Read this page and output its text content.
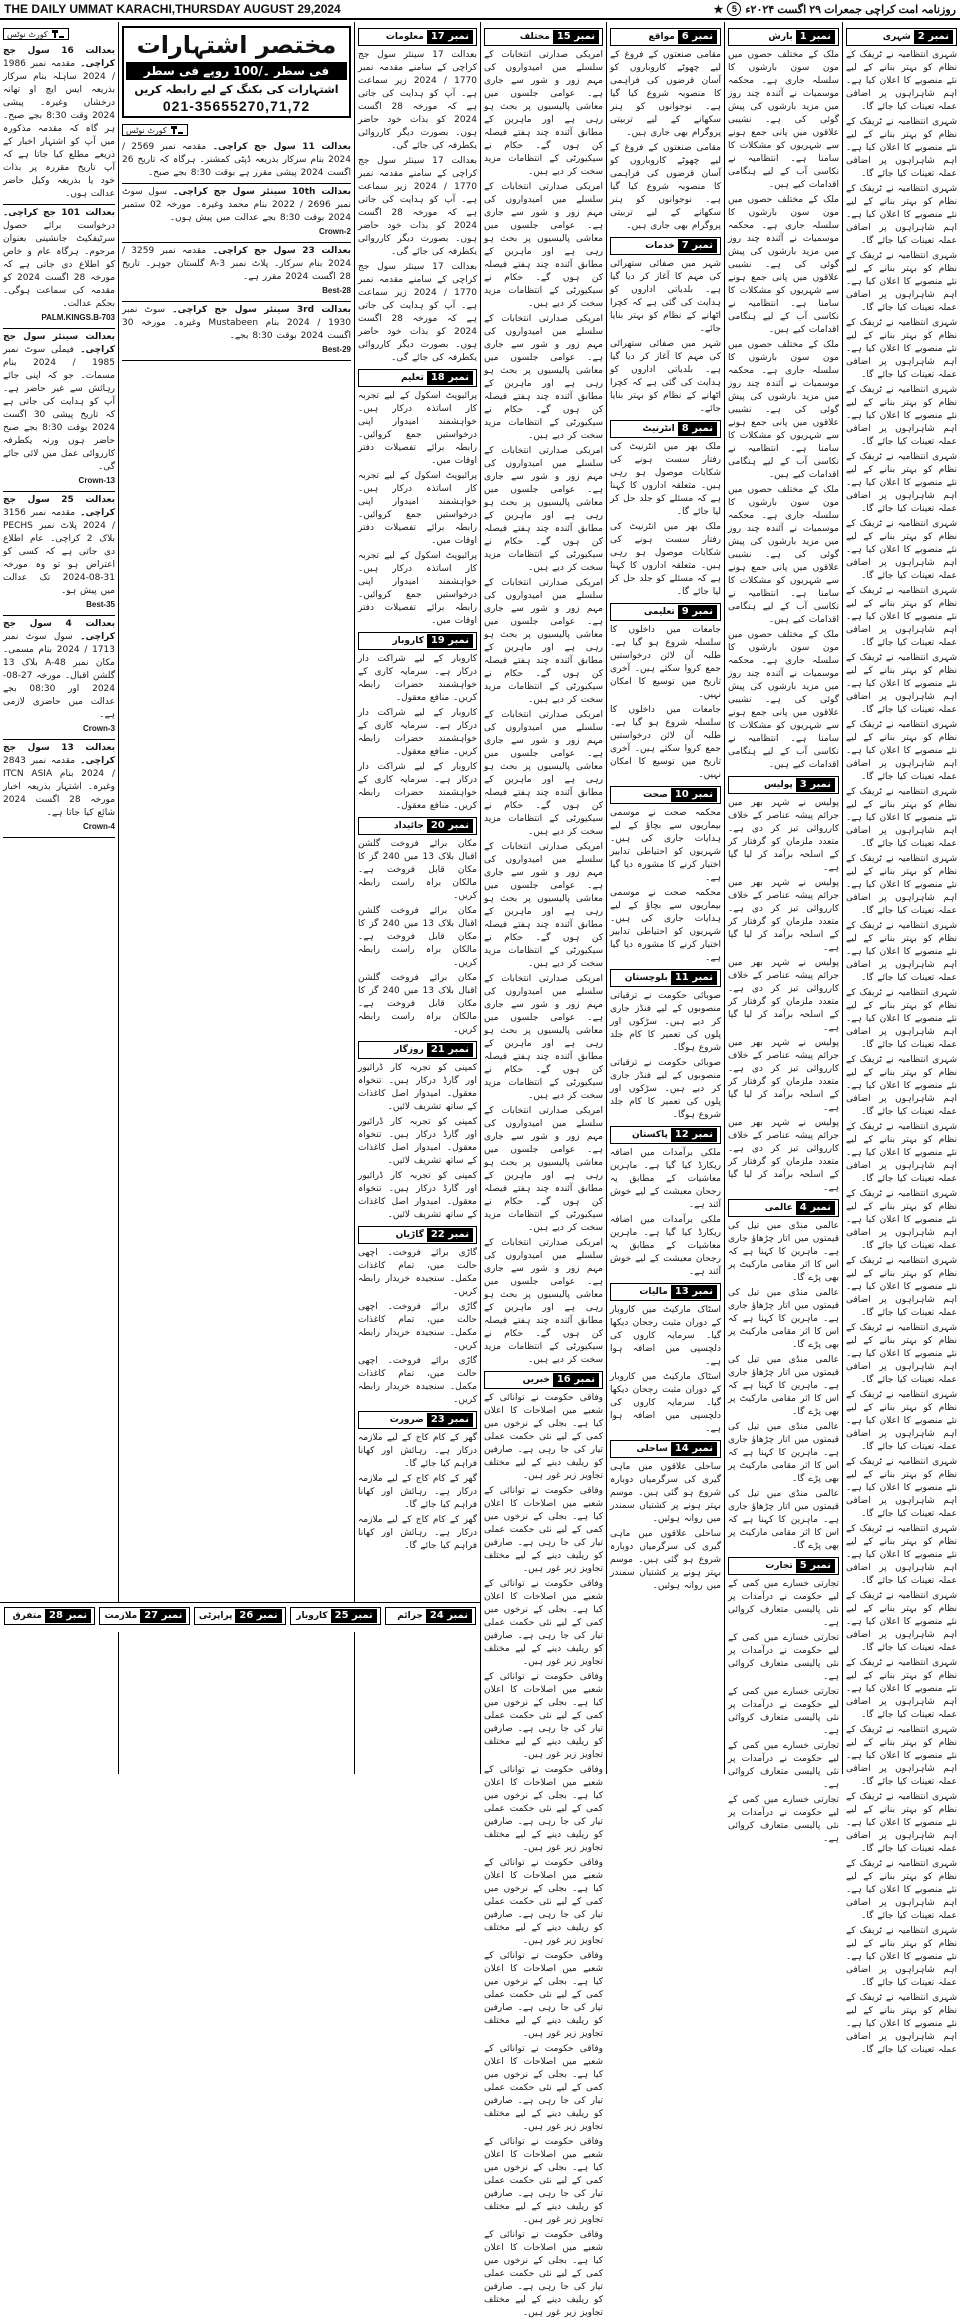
THE DAILY UMMAT KARACHI,THURSDAY AUGUST 29,2024	روزنامہ امت کراچی جمعرات ۲۹ اگست ۲۰۲۴ء
5
★
کورٹ نوٹس
بعدالت 16 سول جج کراچی۔ مقدمہ نمبر 1986 / 2024 ساہلہ بنام سرکار بذریعہ ایس ایچ او تھانہ درخشاں وغیرہ۔ پیشی 2024 وقت 8:30 بجے صبح۔ ہر گاہ کہ مقدمہ مذکورہ میں آپ کو اشتہار اخبار کے ذریعے مطلع کیا جاتا ہے کہ آپ تاریخ مقررہ پر بذات خود یا بذریعہ وکیل حاضر عدالت ہوں۔
بعدالت 101 جج کراچی۔ درخواست برائے حصول سرٹیفکیٹ جانشینی بعنوان مرحوم۔ ہرگاہ عام و خاص کو اطلاع دی جاتی ہے کہ مورخہ 28 اگست 2024 کو مقدمہ کی سماعت ہوگی۔ بحکم عدالت۔
PALM.KINGS.B-703
بعدالت سینئر سول جج کراچی۔ فیملی سوٹ نمبر 1985 / 2024 بنام مسمات۔ جو کہ اپنی جائے رہائش سے غیر حاضر ہے۔ آپ کو ہدایت کی جاتی ہے کہ تاریخ پیشی 30 اگست 2024 بوقت 8:30 بجے صبح حاضر ہوں ورنہ یکطرفہ کارروائی عمل میں لائی جائے گی۔
Crown-13
بعدالت 25 سول جج کراچی۔ مقدمہ نمبر 3156 / 2024 پلاٹ نمبر PECHS بلاک 2 کراچی۔ عام اطلاع دی جاتی ہے کہ کسی کو اعتراض ہو تو وہ مورخہ 31-08-2024 تک عدالت میں پیش ہو۔
Best-35
بعدالت 4 سول جج کراچی۔ سول سوٹ نمبر 1713 / 2024 بنام مسمی۔ مکان نمبر A-48 بلاک 13 گلشن اقبال۔ مورخہ 27-08-2024 اور 08:30 بجے عدالت میں حاضری لازمی ہے۔
Crown-3
بعدالت 13 سول جج کراچی۔ مقدمہ نمبر 2843 / 2024 بنام ITCN ASIA وغیرہ۔ اشتہار بذریعہ اخبار مورخہ 28 اگست 2024 شائع کیا جاتا ہے۔
Crown-4
مختصر اشتہارات
فی سطر ۔/100 روپے فی سطر
اشتہارات کی بکنگ کے لیے رابطہ کریں
021-35655270,71,72
کورٹ نوٹس
بعدالت 11 سول جج کراچی۔ مقدمہ نمبر 2569 / 2024 بنام سرکار بذریعہ ڈپٹی کمشنر۔ ہرگاہ کہ تاریخ 26 اگست 2024 پیشی مقرر ہے بوقت 8:30 بجے صبح۔
بعدالت 10th سینئر سول جج کراچی۔ سول سوٹ نمبر 2696 / 2022 بنام محمد وغیرہ۔ مورخہ 02 ستمبر 2024 بوقت 8:30 بجے عدالت میں پیش ہوں۔
Crown-2
بعدالت 23 سول جج کراچی۔ مقدمہ نمبر 3259 / 2024 بنام سرکار۔ پلاٹ نمبر A-3 گلستان جوہر۔ تاریخ 28 اگست 2024 مقرر ہے۔
Best-28
بعدالت 3rd سینئر سول جج کراچی۔ سوٹ نمبر 1930 / 2024 بنام Mustabeen وغیرہ۔ مورخہ 30 اگست 2024 بوقت 8:30 بجے۔
Best-29
نمبر 17
معلومات

بعدالت 17 سینئر سول جج کراچی کے سامنے مقدمہ نمبر 1770 / 2024 زیر سماعت ہے۔ آپ کو ہدایت کی جاتی ہے کہ مورخہ 28 اگست 2024 کو بذات خود حاضر ہوں۔ بصورت دیگر کارروائی یکطرفہ کی جائے گی۔

بعدالت 17 سینئر سول جج کراچی کے سامنے مقدمہ نمبر 1770 / 2024 زیر سماعت ہے۔ آپ کو ہدایت کی جاتی ہے کہ مورخہ 28 اگست 2024 کو بذات خود حاضر ہوں۔ بصورت دیگر کارروائی یکطرفہ کی جائے گی۔

بعدالت 17 سینئر سول جج کراچی کے سامنے مقدمہ نمبر 1770 / 2024 زیر سماعت ہے۔ آپ کو ہدایت کی جاتی ہے کہ مورخہ 28 اگست 2024 کو بذات خود حاضر ہوں۔ بصورت دیگر کارروائی یکطرفہ کی جائے گی۔

نمبر 18
تعلیم

پرائیویٹ اسکول کے لیے تجربہ کار اساتذہ درکار ہیں۔ خواہشمند امیدوار اپنی درخواستیں جمع کروائیں۔ رابطہ برائے تفصیلات دفتر اوقات میں۔

پرائیویٹ اسکول کے لیے تجربہ کار اساتذہ درکار ہیں۔ خواہشمند امیدوار اپنی درخواستیں جمع کروائیں۔ رابطہ برائے تفصیلات دفتر اوقات میں۔

پرائیویٹ اسکول کے لیے تجربہ کار اساتذہ درکار ہیں۔ خواہشمند امیدوار اپنی درخواستیں جمع کروائیں۔ رابطہ برائے تفصیلات دفتر اوقات میں۔

نمبر 19
کاروبار

کاروبار کے لیے شراکت دار درکار ہے۔ سرمایہ کاری کے خواہشمند حضرات رابطہ کریں۔ منافع معقول۔

کاروبار کے لیے شراکت دار درکار ہے۔ سرمایہ کاری کے خواہشمند حضرات رابطہ کریں۔ منافع معقول۔

کاروبار کے لیے شراکت دار درکار ہے۔ سرمایہ کاری کے خواہشمند حضرات رابطہ کریں۔ منافع معقول۔

نمبر 20
جائیداد

مکان برائے فروخت گلشن اقبال بلاک 13 میں 240 گز کا مکان قابل فروخت ہے۔ مالکان براہ راست رابطہ کریں۔

مکان برائے فروخت گلشن اقبال بلاک 13 میں 240 گز کا مکان قابل فروخت ہے۔ مالکان براہ راست رابطہ کریں۔

مکان برائے فروخت گلشن اقبال بلاک 13 میں 240 گز کا مکان قابل فروخت ہے۔ مالکان براہ راست رابطہ کریں۔

نمبر 21
روزگار

کمپنی کو تجربہ کار ڈرائیور اور گارڈ درکار ہیں۔ تنخواہ معقول۔ امیدوار اصل کاغذات کے ساتھ تشریف لائیں۔

کمپنی کو تجربہ کار ڈرائیور اور گارڈ درکار ہیں۔ تنخواہ معقول۔ امیدوار اصل کاغذات کے ساتھ تشریف لائیں۔

کمپنی کو تجربہ کار ڈرائیور اور گارڈ درکار ہیں۔ تنخواہ معقول۔ امیدوار اصل کاغذات کے ساتھ تشریف لائیں۔

نمبر 22
گاڑیاں

گاڑی برائے فروخت۔ اچھی حالت میں، تمام کاغذات مکمل۔ سنجیدہ خریدار رابطہ کریں۔

گاڑی برائے فروخت۔ اچھی حالت میں، تمام کاغذات مکمل۔ سنجیدہ خریدار رابطہ کریں۔

گاڑی برائے فروخت۔ اچھی حالت میں، تمام کاغذات مکمل۔ سنجیدہ خریدار رابطہ کریں۔

نمبر 23
ضرورت

گھر کے کام کاج کے لیے ملازمہ درکار ہے۔ رہائش اور کھانا فراہم کیا جائے گا۔

گھر کے کام کاج کے لیے ملازمہ درکار ہے۔ رہائش اور کھانا فراہم کیا جائے گا۔

گھر کے کام کاج کے لیے ملازمہ درکار ہے۔ رہائش اور کھانا فراہم کیا جائے گا۔

نمبر 15
مختلف

امریکی صدارتی انتخابات کے سلسلے میں امیدواروں کی مہم زور و شور سے جاری ہے۔ عوامی جلسوں میں معاشی پالیسیوں پر بحث ہو رہی ہے اور ماہرین کے مطابق آئندہ چند ہفتے فیصلہ کن ہوں گے۔ حکام نے سیکیورٹی کے انتظامات مزید سخت کر دیے ہیں۔

امریکی صدارتی انتخابات کے سلسلے میں امیدواروں کی مہم زور و شور سے جاری ہے۔ عوامی جلسوں میں معاشی پالیسیوں پر بحث ہو رہی ہے اور ماہرین کے مطابق آئندہ چند ہفتے فیصلہ کن ہوں گے۔ حکام نے سیکیورٹی کے انتظامات مزید سخت کر دیے ہیں۔

امریکی صدارتی انتخابات کے سلسلے میں امیدواروں کی مہم زور و شور سے جاری ہے۔ عوامی جلسوں میں معاشی پالیسیوں پر بحث ہو رہی ہے اور ماہرین کے مطابق آئندہ چند ہفتے فیصلہ کن ہوں گے۔ حکام نے سیکیورٹی کے انتظامات مزید سخت کر دیے ہیں۔

امریکی صدارتی انتخابات کے سلسلے میں امیدواروں کی مہم زور و شور سے جاری ہے۔ عوامی جلسوں میں معاشی پالیسیوں پر بحث ہو رہی ہے اور ماہرین کے مطابق آئندہ چند ہفتے فیصلہ کن ہوں گے۔ حکام نے سیکیورٹی کے انتظامات مزید سخت کر دیے ہیں۔

امریکی صدارتی انتخابات کے سلسلے میں امیدواروں کی مہم زور و شور سے جاری ہے۔ عوامی جلسوں میں معاشی پالیسیوں پر بحث ہو رہی ہے اور ماہرین کے مطابق آئندہ چند ہفتے فیصلہ کن ہوں گے۔ حکام نے سیکیورٹی کے انتظامات مزید سخت کر دیے ہیں۔

امریکی صدارتی انتخابات کے سلسلے میں امیدواروں کی مہم زور و شور سے جاری ہے۔ عوامی جلسوں میں معاشی پالیسیوں پر بحث ہو رہی ہے اور ماہرین کے مطابق آئندہ چند ہفتے فیصلہ کن ہوں گے۔ حکام نے سیکیورٹی کے انتظامات مزید سخت کر دیے ہیں۔

امریکی صدارتی انتخابات کے سلسلے میں امیدواروں کی مہم زور و شور سے جاری ہے۔ عوامی جلسوں میں معاشی پالیسیوں پر بحث ہو رہی ہے اور ماہرین کے مطابق آئندہ چند ہفتے فیصلہ کن ہوں گے۔ حکام نے سیکیورٹی کے انتظامات مزید سخت کر دیے ہیں۔

امریکی صدارتی انتخابات کے سلسلے میں امیدواروں کی مہم زور و شور سے جاری ہے۔ عوامی جلسوں میں معاشی پالیسیوں پر بحث ہو رہی ہے اور ماہرین کے مطابق آئندہ چند ہفتے فیصلہ کن ہوں گے۔ حکام نے سیکیورٹی کے انتظامات مزید سخت کر دیے ہیں۔

امریکی صدارتی انتخابات کے سلسلے میں امیدواروں کی مہم زور و شور سے جاری ہے۔ عوامی جلسوں میں معاشی پالیسیوں پر بحث ہو رہی ہے اور ماہرین کے مطابق آئندہ چند ہفتے فیصلہ کن ہوں گے۔ حکام نے سیکیورٹی کے انتظامات مزید سخت کر دیے ہیں۔

امریکی صدارتی انتخابات کے سلسلے میں امیدواروں کی مہم زور و شور سے جاری ہے۔ عوامی جلسوں میں معاشی پالیسیوں پر بحث ہو رہی ہے اور ماہرین کے مطابق آئندہ چند ہفتے فیصلہ کن ہوں گے۔ حکام نے سیکیورٹی کے انتظامات مزید سخت کر دیے ہیں۔

نمبر 16
خبریں

وفاقی حکومت نے توانائی کے شعبے میں اصلاحات کا اعلان کیا ہے۔ بجلی کے نرخوں میں کمی کے لیے نئی حکمت عملی تیار کی جا رہی ہے۔ صارفین کو ریلیف دینے کے لیے مختلف تجاویز زیر غور ہیں۔

وفاقی حکومت نے توانائی کے شعبے میں اصلاحات کا اعلان کیا ہے۔ بجلی کے نرخوں میں کمی کے لیے نئی حکمت عملی تیار کی جا رہی ہے۔ صارفین کو ریلیف دینے کے لیے مختلف تجاویز زیر غور ہیں۔

وفاقی حکومت نے توانائی کے شعبے میں اصلاحات کا اعلان کیا ہے۔ بجلی کے نرخوں میں کمی کے لیے نئی حکمت عملی تیار کی جا رہی ہے۔ صارفین کو ریلیف دینے کے لیے مختلف تجاویز زیر غور ہیں۔

وفاقی حکومت نے توانائی کے شعبے میں اصلاحات کا اعلان کیا ہے۔ بجلی کے نرخوں میں کمی کے لیے نئی حکمت عملی تیار کی جا رہی ہے۔ صارفین کو ریلیف دینے کے لیے مختلف تجاویز زیر غور ہیں۔

وفاقی حکومت نے توانائی کے شعبے میں اصلاحات کا اعلان کیا ہے۔ بجلی کے نرخوں میں کمی کے لیے نئی حکمت عملی تیار کی جا رہی ہے۔ صارفین کو ریلیف دینے کے لیے مختلف تجاویز زیر غور ہیں۔

وفاقی حکومت نے توانائی کے شعبے میں اصلاحات کا اعلان کیا ہے۔ بجلی کے نرخوں میں کمی کے لیے نئی حکمت عملی تیار کی جا رہی ہے۔ صارفین کو ریلیف دینے کے لیے مختلف تجاویز زیر غور ہیں۔

وفاقی حکومت نے توانائی کے شعبے میں اصلاحات کا اعلان کیا ہے۔ بجلی کے نرخوں میں کمی کے لیے نئی حکمت عملی تیار کی جا رہی ہے۔ صارفین کو ریلیف دینے کے لیے مختلف تجاویز زیر غور ہیں۔

وفاقی حکومت نے توانائی کے شعبے میں اصلاحات کا اعلان کیا ہے۔ بجلی کے نرخوں میں کمی کے لیے نئی حکمت عملی تیار کی جا رہی ہے۔ صارفین کو ریلیف دینے کے لیے مختلف تجاویز زیر غور ہیں۔

وفاقی حکومت نے توانائی کے شعبے میں اصلاحات کا اعلان کیا ہے۔ بجلی کے نرخوں میں کمی کے لیے نئی حکمت عملی تیار کی جا رہی ہے۔ صارفین کو ریلیف دینے کے لیے مختلف تجاویز زیر غور ہیں۔

وفاقی حکومت نے توانائی کے شعبے میں اصلاحات کا اعلان کیا ہے۔ بجلی کے نرخوں میں کمی کے لیے نئی حکمت عملی تیار کی جا رہی ہے۔ صارفین کو ریلیف دینے کے لیے مختلف تجاویز زیر غور ہیں۔

نمبر 6
مواقع

مقامی صنعتوں کے فروغ کے لیے چھوٹے کاروباروں کو آسان قرضوں کی فراہمی کا منصوبہ شروع کیا گیا ہے۔ نوجوانوں کو ہنر سکھانے کے لیے تربیتی پروگرام بھی جاری ہیں۔

مقامی صنعتوں کے فروغ کے لیے چھوٹے کاروباروں کو آسان قرضوں کی فراہمی کا منصوبہ شروع کیا گیا ہے۔ نوجوانوں کو ہنر سکھانے کے لیے تربیتی پروگرام بھی جاری ہیں۔

نمبر 7
خدمات

شہر میں صفائی ستھرائی کی مہم کا آغاز کر دیا گیا ہے۔ بلدیاتی اداروں کو ہدایت کی گئی ہے کہ کچرا اٹھانے کے نظام کو بہتر بنایا جائے۔

شہر میں صفائی ستھرائی کی مہم کا آغاز کر دیا گیا ہے۔ بلدیاتی اداروں کو ہدایت کی گئی ہے کہ کچرا اٹھانے کے نظام کو بہتر بنایا جائے۔

نمبر 8
انٹرنیٹ

ملک بھر میں انٹرنیٹ کی رفتار سست ہونے کی شکایات موصول ہو رہی ہیں۔ متعلقہ اداروں کا کہنا ہے کہ مسئلے کو جلد حل کر لیا جائے گا۔

ملک بھر میں انٹرنیٹ کی رفتار سست ہونے کی شکایات موصول ہو رہی ہیں۔ متعلقہ اداروں کا کہنا ہے کہ مسئلے کو جلد حل کر لیا جائے گا۔

نمبر 9
تعلیمی

جامعات میں داخلوں کا سلسلہ شروع ہو گیا ہے۔ طلبہ آن لائن درخواستیں جمع کروا سکتے ہیں۔ آخری تاریخ میں توسیع کا امکان نہیں۔

جامعات میں داخلوں کا سلسلہ شروع ہو گیا ہے۔ طلبہ آن لائن درخواستیں جمع کروا سکتے ہیں۔ آخری تاریخ میں توسیع کا امکان نہیں۔

نمبر 10
صحت

محکمہ صحت نے موسمی بیماریوں سے بچاؤ کے لیے ہدایات جاری کی ہیں۔ شہریوں کو احتیاطی تدابیر اختیار کرنے کا مشورہ دیا گیا ہے۔

محکمہ صحت نے موسمی بیماریوں سے بچاؤ کے لیے ہدایات جاری کی ہیں۔ شہریوں کو احتیاطی تدابیر اختیار کرنے کا مشورہ دیا گیا ہے۔

نمبر 11
بلوچستان

صوبائی حکومت نے ترقیاتی منصوبوں کے لیے فنڈز جاری کر دیے ہیں۔ سڑکوں اور پلوں کی تعمیر کا کام جلد شروع ہوگا۔

صوبائی حکومت نے ترقیاتی منصوبوں کے لیے فنڈز جاری کر دیے ہیں۔ سڑکوں اور پلوں کی تعمیر کا کام جلد شروع ہوگا۔

نمبر 12
پاکستان

ملکی برآمدات میں اضافہ ریکارڈ کیا گیا ہے۔ ماہرین معاشیات کے مطابق یہ رجحان معیشت کے لیے خوش آئند ہے۔

ملکی برآمدات میں اضافہ ریکارڈ کیا گیا ہے۔ ماہرین معاشیات کے مطابق یہ رجحان معیشت کے لیے خوش آئند ہے۔

نمبر 13
مالیات

اسٹاک مارکیٹ میں کاروبار کے دوران مثبت رجحان دیکھا گیا۔ سرمایہ کاروں کی دلچسپی میں اضافہ ہوا ہے۔

اسٹاک مارکیٹ میں کاروبار کے دوران مثبت رجحان دیکھا گیا۔ سرمایہ کاروں کی دلچسپی میں اضافہ ہوا ہے۔

نمبر 14
ساحلی

ساحلی علاقوں میں ماہی گیری کی سرگرمیاں دوبارہ شروع ہو گئی ہیں۔ موسم بہتر ہونے پر کشتیاں سمندر میں روانہ ہوئیں۔

ساحلی علاقوں میں ماہی گیری کی سرگرمیاں دوبارہ شروع ہو گئی ہیں۔ موسم بہتر ہونے پر کشتیاں سمندر میں روانہ ہوئیں۔

نمبر 1
بارش

ملک کے مختلف حصوں میں مون سون بارشوں کا سلسلہ جاری ہے۔ محکمہ موسمیات نے آئندہ چند روز میں مزید بارشوں کی پیش گوئی کی ہے۔ نشیبی علاقوں میں پانی جمع ہونے سے شہریوں کو مشکلات کا سامنا ہے۔ انتظامیہ نے نکاسی آب کے لیے ہنگامی اقدامات کیے ہیں۔

ملک کے مختلف حصوں میں مون سون بارشوں کا سلسلہ جاری ہے۔ محکمہ موسمیات نے آئندہ چند روز میں مزید بارشوں کی پیش گوئی کی ہے۔ نشیبی علاقوں میں پانی جمع ہونے سے شہریوں کو مشکلات کا سامنا ہے۔ انتظامیہ نے نکاسی آب کے لیے ہنگامی اقدامات کیے ہیں۔

ملک کے مختلف حصوں میں مون سون بارشوں کا سلسلہ جاری ہے۔ محکمہ موسمیات نے آئندہ چند روز میں مزید بارشوں کی پیش گوئی کی ہے۔ نشیبی علاقوں میں پانی جمع ہونے سے شہریوں کو مشکلات کا سامنا ہے۔ انتظامیہ نے نکاسی آب کے لیے ہنگامی اقدامات کیے ہیں۔

ملک کے مختلف حصوں میں مون سون بارشوں کا سلسلہ جاری ہے۔ محکمہ موسمیات نے آئندہ چند روز میں مزید بارشوں کی پیش گوئی کی ہے۔ نشیبی علاقوں میں پانی جمع ہونے سے شہریوں کو مشکلات کا سامنا ہے۔ انتظامیہ نے نکاسی آب کے لیے ہنگامی اقدامات کیے ہیں۔

ملک کے مختلف حصوں میں مون سون بارشوں کا سلسلہ جاری ہے۔ محکمہ موسمیات نے آئندہ چند روز میں مزید بارشوں کی پیش گوئی کی ہے۔ نشیبی علاقوں میں پانی جمع ہونے سے شہریوں کو مشکلات کا سامنا ہے۔ انتظامیہ نے نکاسی آب کے لیے ہنگامی اقدامات کیے ہیں۔

نمبر 3
پولیس

پولیس نے شہر بھر میں جرائم پیشہ عناصر کے خلاف کارروائی تیز کر دی ہے۔ متعدد ملزمان کو گرفتار کر کے اسلحہ برآمد کر لیا گیا ہے۔

پولیس نے شہر بھر میں جرائم پیشہ عناصر کے خلاف کارروائی تیز کر دی ہے۔ متعدد ملزمان کو گرفتار کر کے اسلحہ برآمد کر لیا گیا ہے۔

پولیس نے شہر بھر میں جرائم پیشہ عناصر کے خلاف کارروائی تیز کر دی ہے۔ متعدد ملزمان کو گرفتار کر کے اسلحہ برآمد کر لیا گیا ہے۔

پولیس نے شہر بھر میں جرائم پیشہ عناصر کے خلاف کارروائی تیز کر دی ہے۔ متعدد ملزمان کو گرفتار کر کے اسلحہ برآمد کر لیا گیا ہے۔

پولیس نے شہر بھر میں جرائم پیشہ عناصر کے خلاف کارروائی تیز کر دی ہے۔ متعدد ملزمان کو گرفتار کر کے اسلحہ برآمد کر لیا گیا ہے۔

نمبر 4
عالمی

عالمی منڈی میں تیل کی قیمتوں میں اتار چڑھاؤ جاری ہے۔ ماہرین کا کہنا ہے کہ اس کا اثر مقامی مارکیٹ پر بھی پڑے گا۔

عالمی منڈی میں تیل کی قیمتوں میں اتار چڑھاؤ جاری ہے۔ ماہرین کا کہنا ہے کہ اس کا اثر مقامی مارکیٹ پر بھی پڑے گا۔

عالمی منڈی میں تیل کی قیمتوں میں اتار چڑھاؤ جاری ہے۔ ماہرین کا کہنا ہے کہ اس کا اثر مقامی مارکیٹ پر بھی پڑے گا۔

عالمی منڈی میں تیل کی قیمتوں میں اتار چڑھاؤ جاری ہے۔ ماہرین کا کہنا ہے کہ اس کا اثر مقامی مارکیٹ پر بھی پڑے گا۔

عالمی منڈی میں تیل کی قیمتوں میں اتار چڑھاؤ جاری ہے۔ ماہرین کا کہنا ہے کہ اس کا اثر مقامی مارکیٹ پر بھی پڑے گا۔

نمبر 5
تجارت

تجارتی خسارے میں کمی کے لیے حکومت نے درآمدات پر نئی پالیسی متعارف کروائی ہے۔

تجارتی خسارے میں کمی کے لیے حکومت نے درآمدات پر نئی پالیسی متعارف کروائی ہے۔

تجارتی خسارے میں کمی کے لیے حکومت نے درآمدات پر نئی پالیسی متعارف کروائی ہے۔

تجارتی خسارے میں کمی کے لیے حکومت نے درآمدات پر نئی پالیسی متعارف کروائی ہے۔

تجارتی خسارے میں کمی کے لیے حکومت نے درآمدات پر نئی پالیسی متعارف کروائی ہے۔

نمبر 2
شہری

شہری انتظامیہ نے ٹریفک کے نظام کو بہتر بنانے کے لیے نئے منصوبے کا اعلان کیا ہے۔ اہم شاہراہوں پر اضافی عملہ تعینات کیا جائے گا۔

شہری انتظامیہ نے ٹریفک کے نظام کو بہتر بنانے کے لیے نئے منصوبے کا اعلان کیا ہے۔ اہم شاہراہوں پر اضافی عملہ تعینات کیا جائے گا۔

شہری انتظامیہ نے ٹریفک کے نظام کو بہتر بنانے کے لیے نئے منصوبے کا اعلان کیا ہے۔ اہم شاہراہوں پر اضافی عملہ تعینات کیا جائے گا۔

شہری انتظامیہ نے ٹریفک کے نظام کو بہتر بنانے کے لیے نئے منصوبے کا اعلان کیا ہے۔ اہم شاہراہوں پر اضافی عملہ تعینات کیا جائے گا۔

شہری انتظامیہ نے ٹریفک کے نظام کو بہتر بنانے کے لیے نئے منصوبے کا اعلان کیا ہے۔ اہم شاہراہوں پر اضافی عملہ تعینات کیا جائے گا۔

شہری انتظامیہ نے ٹریفک کے نظام کو بہتر بنانے کے لیے نئے منصوبے کا اعلان کیا ہے۔ اہم شاہراہوں پر اضافی عملہ تعینات کیا جائے گا۔

شہری انتظامیہ نے ٹریفک کے نظام کو بہتر بنانے کے لیے نئے منصوبے کا اعلان کیا ہے۔ اہم شاہراہوں پر اضافی عملہ تعینات کیا جائے گا۔

شہری انتظامیہ نے ٹریفک کے نظام کو بہتر بنانے کے لیے نئے منصوبے کا اعلان کیا ہے۔ اہم شاہراہوں پر اضافی عملہ تعینات کیا جائے گا۔

شہری انتظامیہ نے ٹریفک کے نظام کو بہتر بنانے کے لیے نئے منصوبے کا اعلان کیا ہے۔ اہم شاہراہوں پر اضافی عملہ تعینات کیا جائے گا۔

شہری انتظامیہ نے ٹریفک کے نظام کو بہتر بنانے کے لیے نئے منصوبے کا اعلان کیا ہے۔ اہم شاہراہوں پر اضافی عملہ تعینات کیا جائے گا۔

شہری انتظامیہ نے ٹریفک کے نظام کو بہتر بنانے کے لیے نئے منصوبے کا اعلان کیا ہے۔ اہم شاہراہوں پر اضافی عملہ تعینات کیا جائے گا۔

شہری انتظامیہ نے ٹریفک کے نظام کو بہتر بنانے کے لیے نئے منصوبے کا اعلان کیا ہے۔ اہم شاہراہوں پر اضافی عملہ تعینات کیا جائے گا۔

شہری انتظامیہ نے ٹریفک کے نظام کو بہتر بنانے کے لیے نئے منصوبے کا اعلان کیا ہے۔ اہم شاہراہوں پر اضافی عملہ تعینات کیا جائے گا۔

شہری انتظامیہ نے ٹریفک کے نظام کو بہتر بنانے کے لیے نئے منصوبے کا اعلان کیا ہے۔ اہم شاہراہوں پر اضافی عملہ تعینات کیا جائے گا۔

شہری انتظامیہ نے ٹریفک کے نظام کو بہتر بنانے کے لیے نئے منصوبے کا اعلان کیا ہے۔ اہم شاہراہوں پر اضافی عملہ تعینات کیا جائے گا۔

شہری انتظامیہ نے ٹریفک کے نظام کو بہتر بنانے کے لیے نئے منصوبے کا اعلان کیا ہے۔ اہم شاہراہوں پر اضافی عملہ تعینات کیا جائے گا۔

شہری انتظامیہ نے ٹریفک کے نظام کو بہتر بنانے کے لیے نئے منصوبے کا اعلان کیا ہے۔ اہم شاہراہوں پر اضافی عملہ تعینات کیا جائے گا۔

شہری انتظامیہ نے ٹریفک کے نظام کو بہتر بنانے کے لیے نئے منصوبے کا اعلان کیا ہے۔ اہم شاہراہوں پر اضافی عملہ تعینات کیا جائے گا۔

شہری انتظامیہ نے ٹریفک کے نظام کو بہتر بنانے کے لیے نئے منصوبے کا اعلان کیا ہے۔ اہم شاہراہوں پر اضافی عملہ تعینات کیا جائے گا۔

شہری انتظامیہ نے ٹریفک کے نظام کو بہتر بنانے کے لیے نئے منصوبے کا اعلان کیا ہے۔ اہم شاہراہوں پر اضافی عملہ تعینات کیا جائے گا۔

شہری انتظامیہ نے ٹریفک کے نظام کو بہتر بنانے کے لیے نئے منصوبے کا اعلان کیا ہے۔ اہم شاہراہوں پر اضافی عملہ تعینات کیا جائے گا۔

شہری انتظامیہ نے ٹریفک کے نظام کو بہتر بنانے کے لیے نئے منصوبے کا اعلان کیا ہے۔ اہم شاہراہوں پر اضافی عملہ تعینات کیا جائے گا۔

شہری انتظامیہ نے ٹریفک کے نظام کو بہتر بنانے کے لیے نئے منصوبے کا اعلان کیا ہے۔ اہم شاہراہوں پر اضافی عملہ تعینات کیا جائے گا۔

شہری انتظامیہ نے ٹریفک کے نظام کو بہتر بنانے کے لیے نئے منصوبے کا اعلان کیا ہے۔ اہم شاہراہوں پر اضافی عملہ تعینات کیا جائے گا۔

شہری انتظامیہ نے ٹریفک کے نظام کو بہتر بنانے کے لیے نئے منصوبے کا اعلان کیا ہے۔ اہم شاہراہوں پر اضافی عملہ تعینات کیا جائے گا۔

شہری انتظامیہ نے ٹریفک کے نظام کو بہتر بنانے کے لیے نئے منصوبے کا اعلان کیا ہے۔ اہم شاہراہوں پر اضافی عملہ تعینات کیا جائے گا۔

شہری انتظامیہ نے ٹریفک کے نظام کو بہتر بنانے کے لیے نئے منصوبے کا اعلان کیا ہے۔ اہم شاہراہوں پر اضافی عملہ تعینات کیا جائے گا۔

شہری انتظامیہ نے ٹریفک کے نظام کو بہتر بنانے کے لیے نئے منصوبے کا اعلان کیا ہے۔ اہم شاہراہوں پر اضافی عملہ تعینات کیا جائے گا۔

شہری انتظامیہ نے ٹریفک کے نظام کو بہتر بنانے کے لیے نئے منصوبے کا اعلان کیا ہے۔ اہم شاہراہوں پر اضافی عملہ تعینات کیا جائے گا۔

شہری انتظامیہ نے ٹریفک کے نظام کو بہتر بنانے کے لیے نئے منصوبے کا اعلان کیا ہے۔ اہم شاہراہوں پر اضافی عملہ تعینات کیا جائے گا۔

نمبر 24
جرائم
نمبر 25
کاروبار
نمبر 26
پراپرٹی
نمبر 27
ملازمت
نمبر 28
متفرق
